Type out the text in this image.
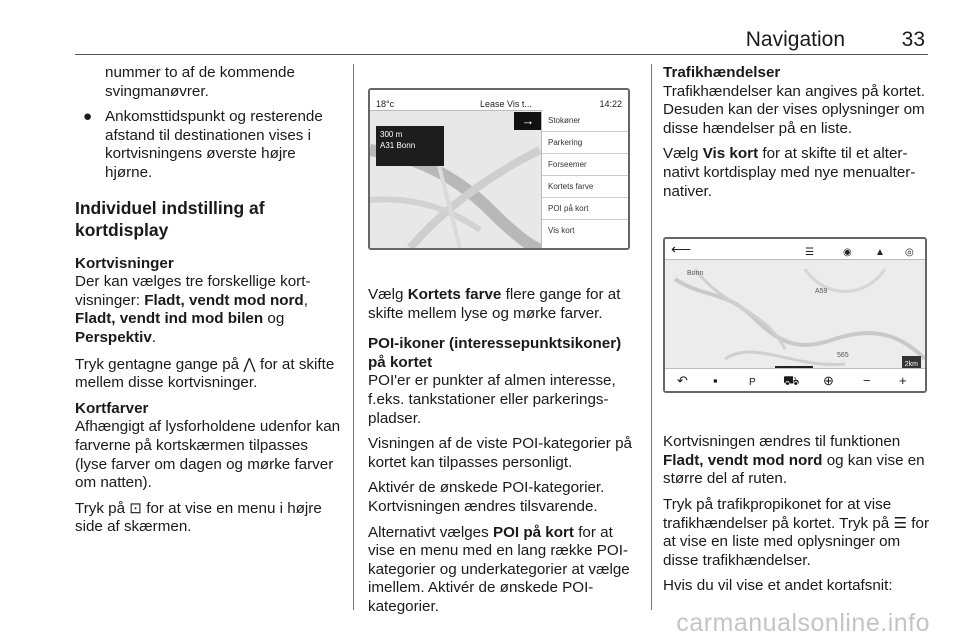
Navigation	33

nummer to af de kommende svingmanøvrer.

● Ankomsttidspunkt og resterende afstand til destinationen vises i kortvisningens øverste højre hjørne.

Individuel indstilling af kortdisplay

Kortvisninger
Der kan vælges tre forskellige kortvisninger: Fladt, vendt mod nord,
Fladt, vendt ind mod bilen og
Perspektiv.

Tryk gentagne gange på ⋀ for at skifte mellem disse kortvisninger.

Kortfarver

Afhængigt af lysforholdene udenfor kan farverne på kortskærmen tilpasses (lyse farver om dagen og mørke farver om natten).

Tryk på ⊡ for at vise en menu i højre side af skærmen.

18°c	Lease Vis t...	14:22
→
300 m
A31 Bonn
Stokøner
Parkering
Forseemer
Kortets farve
POI på kort
Vis kort

Vælg Kortets farve flere gange for at skifte mellem lyse og mørke farver.

POI-ikoner (interessepunktsikoner) på kortet

POI'er er punkter af almen interesse, f.eks. tankstationer eller parkeringspladser.

Visningen af de viste POI-kategorier på kortet kan tilpasses personligt.

Aktivér de ønskede POI-kategorier. Kortvisningen ændres tilsvarende.

Alternativt vælges POI på kort for at vise en menu med en lang række POI-kategorier og underkategorier at vælge imellem. Aktivér de ønskede POI-kategorier.

Trafikhændelser
Trafikhændelser kan angives på kortet. Desuden kan der vises oplysninger om disse hændelser på en liste.

Vælg Vis kort for at skifte til et alternativt kortdisplay med nye menualternativer.

⟵	☰	◉ ▲ ◎
Bonn
A59
565
2km
↶ ▪	P ⛟ ⊕ − +

Kortvisningen ændres til funktionen Fladt, vendt mod nord og kan vise en større del af ruten.

Tryk på trafikpropikonet for at vise trafikhændelser på kortet. Tryk på ☰ for at vise en liste med oplysninger om disse trafikhændelser.

Hvis du vil vise et andet kortafsnit:

carmanualsonline.info
